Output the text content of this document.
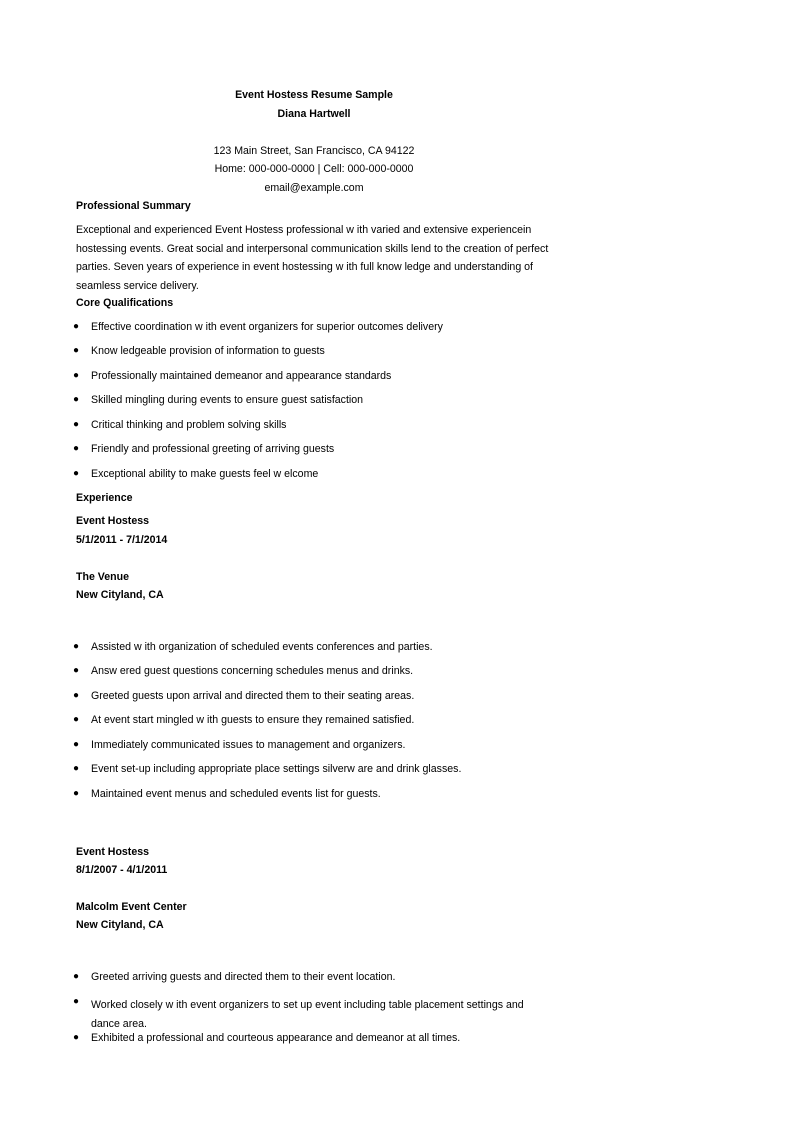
Event Hostess Resume Sample
Diana Hartwell
123 Main Street, San Francisco, CA 94122
Home: 000-000-0000 | Cell: 000-000-0000
email@example.com
Professional Summary
Exceptional and experienced Event Hostess professional w ith varied and extensive experiencein
hostessing events. Great social and interpersonal communication skills lend to the creation of perfect
parties. Seven years of experience in event hostessing w ith full know ledge and understanding of
seamless service delivery.
Core Qualifications
● Effective coordination w ith event organizers for superior outcomes delivery
● Know ledgeable provision of information to guests
● Professionally maintained demeanor and appearance standards
● Skilled mingling during events to ensure guest satisfaction
● Critical thinking and problem solving skills
● Friendly and professional greeting of arriving guests
● Exceptional ability to make guests feel w elcome
Experience
Event Hostess
5/1/2011 - 7/1/2014
The Venue
New Cityland, CA
● Assisted w ith organization of scheduled events conferences and parties.
● Answ ered guest questions concerning schedules menus and drinks.
● Greeted guests upon arrival and directed them to their seating areas.
● At event start mingled w ith guests to ensure they remained satisfied.
● Immediately communicated issues to management and organizers.
● Event set-up including appropriate place settings silverw are and drink glasses.
● Maintained event menus and scheduled events list for guests.
Event Hostess
8/1/2007 - 4/1/2011
Malcolm Event Center
New Cityland, CA
● Greeted arriving guests and directed them to their event location.
● Worked closely w ith event organizers to set up event including table placement settings and
dance area.
● Exhibited a professional and courteous appearance and demeanor at all times.
